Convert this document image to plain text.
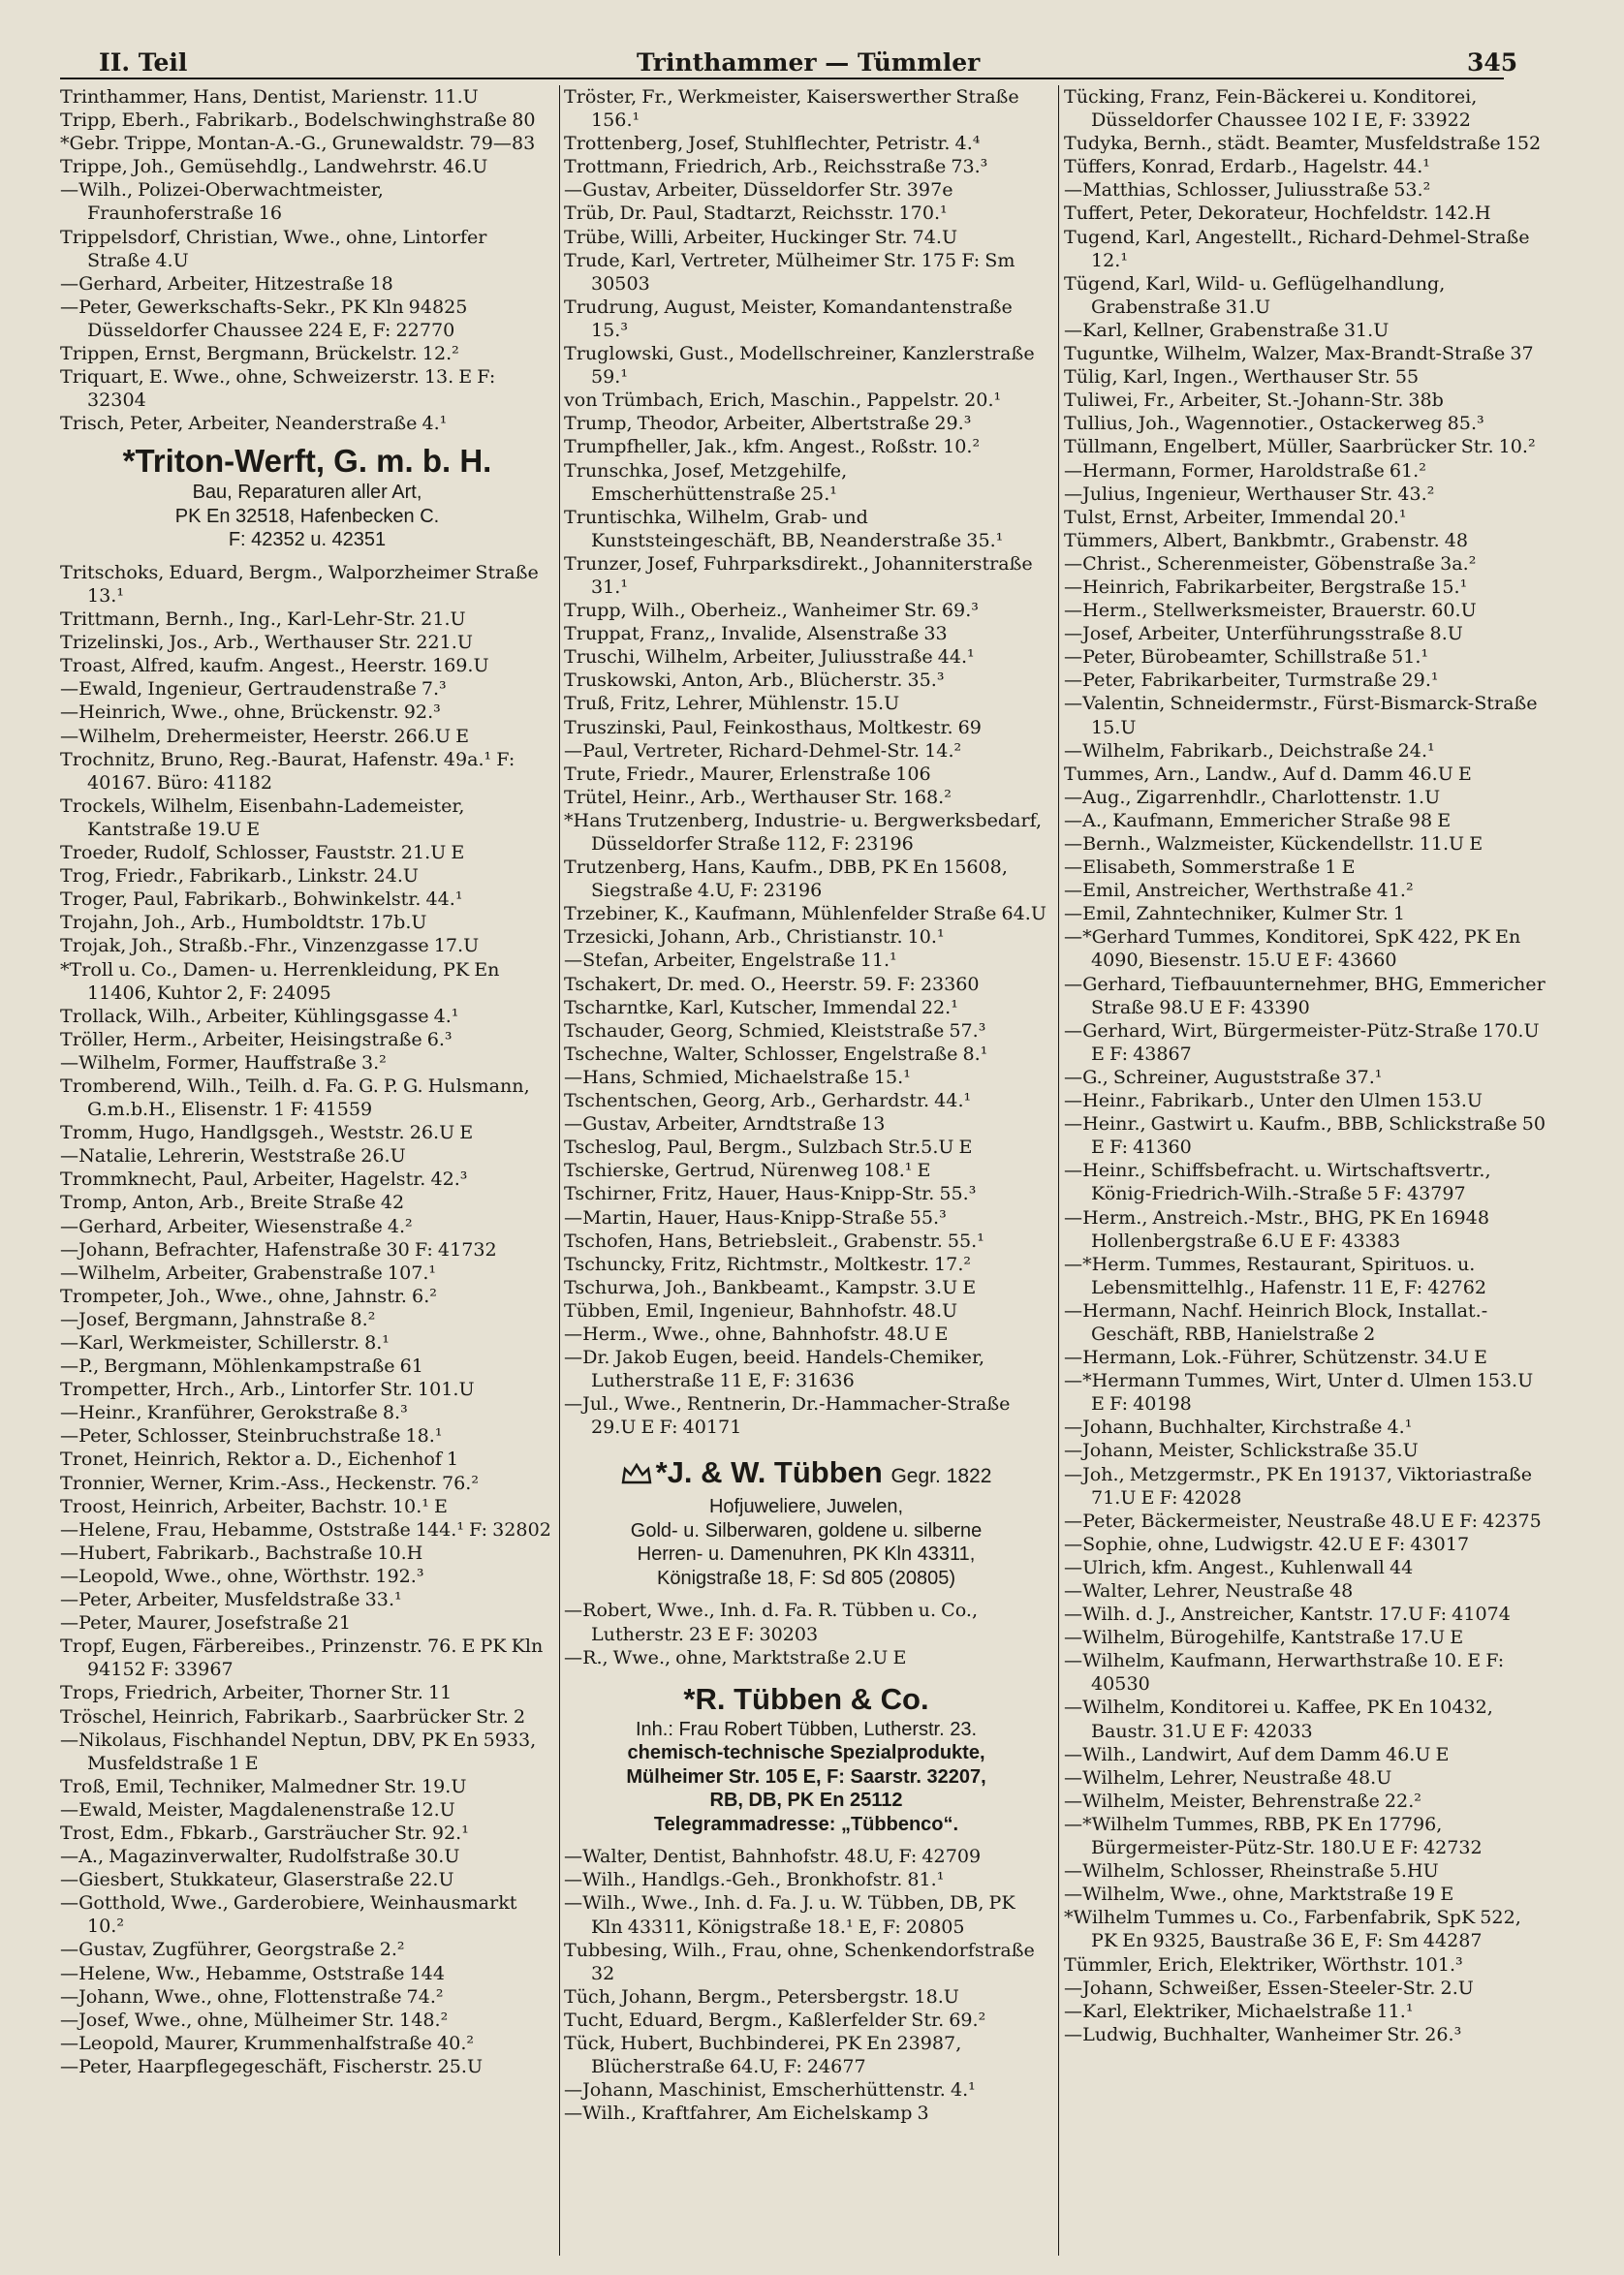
II. Teil	Trinthammer — Tümmler	345
Trinthammer, Hans, Dentist, Marienstr. 11.U
Tripp, Eberh., Fabrikarb., Bodelschwinghstraße 80
*Gebr. Trippe, Montan-A.-G., Grunewaldstr. 79—83
Trippe, Joh., Gemüsehdlg., Landwehrstr. 46.U
—Wilh., Polizei-Oberwachtmeister, Fraunhoferstraße 16
Trippelsdorf, Christian, Wwe., ohne, Lintorfer Straße 4.U
—Gerhard, Arbeiter, Hitzestraße 18
—Peter, Gewerkschafts-Sekr., PK Kln 94825 Düsseldorfer Chaussee 224 E, F: 22770
Trippen, Ernst, Bergmann, Brückelstr. 12.²
Triquart, E. Wwe., ohne, Schweizerstr. 13. E F: 32304
Trisch, Peter, Arbeiter, Neanderstraße 4.¹
*Triton-Werft, G. m. b. H.
Bau, Reparaturen aller Art,
PK En 32518, Hafenbecken C.
F: 42352 u. 42351
Tritschoks, Eduard, Bergm., Walporzheimer Straße 13.¹
Trittmann, Bernh., Ing., Karl-Lehr-Str. 21.U
Trizelinski, Jos., Arb., Werthauser Str. 221.U
Troast, Alfred, kaufm. Angest., Heerstr. 169.U
—Ewald, Ingenieur, Gertraudenstraße 7.³
—Heinrich, Wwe., ohne, Brückenstr. 92.³
—Wilhelm, Drehermeister, Heerstr. 266.U E
Trochnitz, Bruno, Reg.-Baurat, Hafenstr. 49a.¹ F: 40167. Büro: 41182
Trockels, Wilhelm, Eisenbahn-Lademeister, Kantstraße 19.U E
Troeder, Rudolf, Schlosser, Fauststr. 21.U E
Trog, Friedr., Fabrikarb., Linkstr. 24.U
Troger, Paul, Fabrikarb., Bohwinkelstr. 44.¹
Trojahn, Joh., Arb., Humboldtstr. 17b.U
Trojak, Joh., Straßb.-Fhr., Vinzenzgasse 17.U
*Troll u. Co., Damen- u. Herrenkleidung, PK En 11406, Kuhtor 2, F: 24095
Trollack, Wilh., Arbeiter, Kühlingsgasse 4.¹
Tröller, Herm., Arbeiter, Heisingstraße 6.³
—Wilhelm, Former, Hauffstraße 3.²
Tromberend, Wilh., Teilh. d. Fa. G. P. G. Hulsmann, G.m.b.H., Elisenstr. 1 F: 41559
Tromm, Hugo, Handlgsgeh., Weststr. 26.U E
—Natalie, Lehrerin, Weststraße 26.U
Trommknecht, Paul, Arbeiter, Hagelstr. 42.³
Tromp, Anton, Arb., Breite Straße 42
—Gerhard, Arbeiter, Wiesenstraße 4.²
—Johann, Befrachter, Hafenstraße 30 F: 41732
—Wilhelm, Arbeiter, Grabenstraße 107.¹
Trompeter, Joh., Wwe., ohne, Jahnstr. 6.²
—Josef, Bergmann, Jahnstraße 8.²
—Karl, Werkmeister, Schillerstr. 8.¹
—P., Bergmann, Möhlenkampstraße 61
Trompetter, Hrch., Arb., Lintorfer Str. 101.U
—Heinr., Kranführer, Gerokstraße 8.³
—Peter, Schlosser, Steinbruchstraße 18.¹
Tronet, Heinrich, Rektor a. D., Eichenhof 1
Tronnier, Werner, Krim.-Ass., Heckenstr. 76.²
Troost, Heinrich, Arbeiter, Bachstr. 10.¹ E
—Helene, Frau, Hebamme, Oststraße 144.¹ F: 32802
—Hubert, Fabrikarb., Bachstraße 10.H
—Leopold, Wwe., ohne, Wörthstr. 192.³
—Peter, Arbeiter, Musfeldstraße 33.¹
—Peter, Maurer, Josefstraße 21
Tropf, Eugen, Färbereibes., Prinzenstr. 76. E PK Kln 94152 F: 33967
Trops, Friedrich, Arbeiter, Thorner Str. 11
Tröschel, Heinrich, Fabrikarb., Saarbrücker Str. 2
—Nikolaus, Fischhandel Neptun, DBV, PK En 5933, Musfeldstraße 1 E
Troß, Emil, Techniker, Malmedner Str. 19.U
—Ewald, Meister, Magdalenenstraße 12.U
Trost, Edm., Fbkarb., Garsträucher Str. 92.¹
—A., Magazinverwalter, Rudolfstraße 30.U
—Giesbert, Stukkateur, Glaserstraße 22.U
—Gotthold, Wwe., Garderobiere, Weinhausmarkt 10.²
—Gustav, Zugführer, Georgstraße 2.²
—Helene, Ww., Hebamme, Oststraße 144
—Johann, Wwe., ohne, Flottenstraße 74.²
—Josef, Wwe., ohne, Mülheimer Str. 148.²
—Leopold, Maurer, Krummenhalfstraße 40.²
—Peter, Haarpflegegeschäft, Fischerstr. 25.U
Tröster, Fr., Werkmeister, Kaiserswerther Straße 156.¹
Trottenberg, Josef, Stuhlflechter, Petristr. 4.⁴
Trottmann, Friedrich, Arb., Reichsstraße 73.³
—Gustav, Arbeiter, Düsseldorfer Str. 397e
Trüb, Dr. Paul, Stadtarzt, Reichsstr. 170.¹
Trübe, Willi, Arbeiter, Huckinger Str. 74.U
Trude, Karl, Vertreter, Mülheimer Str. 175 F: Sm 30503
Trudrung, August, Meister, Komandantenstraße 15.³
Truglowski, Gust., Modellschreiner, Kanzlerstraße 59.¹
von Trümbach, Erich, Maschin., Pappelstr. 20.¹
Trump, Theodor, Arbeiter, Albertstraße 29.³
Trumpfheller, Jak., kfm. Angest., Roßstr. 10.²
Trunschka, Josef, Metzgehilfe, Emscherhüttenstraße 25.¹
Truntischka, Wilhelm, Grab- und Kunststeingeschäft, BB, Neanderstraße 35.¹
Trunzer, Josef, Fuhrparksdirekt., Johanniterstraße 31.¹
Trupp, Wilh., Oberheiz., Wanheimer Str. 69.³
Truppat, Franz,, Invalide, Alsenstraße 33
Truschi, Wilhelm, Arbeiter, Juliusstraße 44.¹
Truskowski, Anton, Arb., Blücherstr. 35.³
Truß, Fritz, Lehrer, Mühlenstr. 15.U
Truszinski, Paul, Feinkosthaus, Moltkestr. 69
—Paul, Vertreter, Richard-Dehmel-Str. 14.²
Trute, Friedr., Maurer, Erlenstraße 106
Trütel, Heinr., Arb., Werthauser Str. 168.²
*Hans Trutzenberg, Industrie- u. Bergwerksbedarf, Düsseldorfer Straße 112, F: 23196
Trutzenberg, Hans, Kaufm., DBB, PK En 15608, Siegstraße 4.U, F: 23196
Trzebiner, K., Kaufmann, Mühlenfelder Straße 64.U
Trzesicki, Johann, Arb., Christianstr. 10.¹
—Stefan, Arbeiter, Engelstraße 11.¹
Tschakert, Dr. med. O., Heerstr. 59. F: 23360
Tscharntke, Karl, Kutscher, Immendal 22.¹
Tschauder, Georg, Schmied, Kleiststraße 57.³
Tschechne, Walter, Schlosser, Engelstraße 8.¹
—Hans, Schmied, Michaelstraße 15.¹
Tschentschen, Georg, Arb., Gerhardstr. 44.¹
—Gustav, Arbeiter, Arndtstraße 13
Tscheslog, Paul, Bergm., Sulzbach Str.5.U E
Tschierske, Gertrud, Nürenweg 108.¹ E
Tschirner, Fritz, Hauer, Haus-Knipp-Str. 55.³
—Martin, Hauer, Haus-Knipp-Straße 55.³
Tschofen, Hans, Betriebsleit., Grabenstr. 55.¹
Tschuncky, Fritz, Richtmstr., Moltkestr. 17.²
Tschurwa, Joh., Bankbeamt., Kampstr. 3.U E
Tübben, Emil, Ingenieur, Bahnhofstr. 48.U
—Herm., Wwe., ohne, Bahnhofstr. 48.U E
—Dr. Jakob Eugen, beeid. Handels-Chemiker, Lutherstraße 11 E, F: 31636
—Jul., Wwe., Rentnerin, Dr.-Hammacher-Straße 29.U E F: 40171
*J. & W. Tübben Gegr. 1822
Hofjuweliere, Juwelen,
Gold- u. Silberwaren, goldene u. silberne
Herren- u. Damenuhren, PK Kln 43311,
Königstraße 18, F: Sd 805 (20805)
—Robert, Wwe., Inh. d. Fa. R. Tübben u. Co., Lutherstr. 23 E F: 30203
—R., Wwe., ohne, Marktstraße 2.U E
*R. Tübben & Co.
Inh.: Frau Robert Tübben, Lutherstr. 23.
chemisch-technische Spezialprodukte,
Mülheimer Str. 105 E, F: Saarstr. 32207,
RB, DB, PK En 25112
Telegrammadresse: „Tübbenco“.
—Walter, Dentist, Bahnhofstr. 48.U, F: 42709
—Wilh., Handlgs.-Geh., Bronkhofstr. 81.¹
—Wilh., Wwe., Inh. d. Fa. J. u. W. Tübben, DB, PK Kln 43311, Königstraße 18.¹ E, F: 20805
Tubbesing, Wilh., Frau, ohne, Schenkendorfstraße 32
Tüch, Johann, Bergm., Petersbergstr. 18.U
Tucht, Eduard, Bergm., Kaßlerfelder Str. 69.²
Tück, Hubert, Buchbinderei, PK En 23987, Blücherstraße 64.U, F: 24677
—Johann, Maschinist, Emscherhüttenstr. 4.¹
—Wilh., Kraftfahrer, Am Eichelskamp 3
Tücking, Franz, Fein-Bäckerei u. Konditorei, Düsseldorfer Chaussee 102 I E, F: 33922
Tudyka, Bernh., städt. Beamter, Musfeldstraße 152
Tüffers, Konrad, Erdarb., Hagelstr. 44.¹
—Matthias, Schlosser, Juliusstraße 53.²
Tuffert, Peter, Dekorateur, Hochfeldstr. 142.H
Tugend, Karl, Angestellt., Richard-Dehmel-Straße 12.¹
Tügend, Karl, Wild- u. Geflügelhandlung, Grabenstraße 31.U
—Karl, Kellner, Grabenstraße 31.U
Tuguntke, Wilhelm, Walzer, Max-Brandt-Straße 37
Tülig, Karl, Ingen., Werthauser Str. 55
Tuliwei, Fr., Arbeiter, St.-Johann-Str. 38b
Tullius, Joh., Wagennotier., Ostackerweg 85.³
Tüllmann, Engelbert, Müller, Saarbrücker Str. 10.²
—Hermann, Former, Haroldstraße 61.²
—Julius, Ingenieur, Werthauser Str. 43.²
Tulst, Ernst, Arbeiter, Immendal 20.¹
Tümmers, Albert, Bankbmtr., Grabenstr. 48
—Christ., Scherenmeister, Göbenstraße 3a.²
—Heinrich, Fabrikarbeiter, Bergstraße 15.¹
—Herm., Stellwerksmeister, Brauerstr. 60.U
—Josef, Arbeiter, Unterführungsstraße 8.U
—Peter, Bürobeamter, Schillstraße 51.¹
—Peter, Fabrikarbeiter, Turmstraße 29.¹
—Valentin, Schneidermstr., Fürst-Bismarck-Straße 15.U
—Wilhelm, Fabrikarb., Deichstraße 24.¹
Tummes, Arn., Landw., Auf d. Damm 46.U E
—Aug., Zigarrenhdlr., Charlottenstr. 1.U
—A., Kaufmann, Emmericher Straße 98 E
—Bernh., Walzmeister, Kückendellstr. 11.U E
—Elisabeth, Sommerstraße 1 E
—Emil, Anstreicher, Werthstraße 41.²
—Emil, Zahntechniker, Kulmer Str. 1
—*Gerhard Tummes, Konditorei, SpK 422, PK En 4090, Biesenstr. 15.U E F: 43660
—Gerhard, Tiefbauunternehmer, BHG, Emmericher Straße 98.U E F: 43390
—Gerhard, Wirt, Bürgermeister-Pütz-Straße 170.U E F: 43867
—G., Schreiner, Auguststraße 37.¹
—Heinr., Fabrikarb., Unter den Ulmen 153.U
—Heinr., Gastwirt u. Kaufm., BBB, Schlickstraße 50 E F: 41360
—Heinr., Schiffsbefracht. u. Wirtschaftsvertr., König-Friedrich-Wilh.-Straße 5 F: 43797
—Herm., Anstreich.-Mstr., BHG, PK En 16948 Hollenbergstraße 6.U E F: 43383
—*Herm. Tummes, Restaurant, Spirituos. u. Lebensmittelhlg., Hafenstr. 11 E, F: 42762
—Hermann, Nachf. Heinrich Block, Installat.-Geschäft, RBB, Hanielstraße 2
—Hermann, Lok.-Führer, Schützenstr. 34.U E
—*Hermann Tummes, Wirt, Unter d. Ulmen 153.U E F: 40198
—Johann, Buchhalter, Kirchstraße 4.¹
—Johann, Meister, Schlickstraße 35.U
—Joh., Metzgermstr., PK En 19137, Viktoriastraße 71.U E F: 42028
—Peter, Bäckermeister, Neustraße 48.U E F: 42375
—Sophie, ohne, Ludwigstr. 42.U E F: 43017
—Ulrich, kfm. Angest., Kuhlenwall 44
—Walter, Lehrer, Neustraße 48
—Wilh. d. J., Anstreicher, Kantstr. 17.U F: 41074
—Wilhelm, Bürogehilfe, Kantstraße 17.U E
—Wilhelm, Kaufmann, Herwarthstraße 10. E F: 40530
—Wilhelm, Konditorei u. Kaffee, PK En 10432, Baustr. 31.U E F: 42033
—Wilh., Landwirt, Auf dem Damm 46.U E
—Wilhelm, Lehrer, Neustraße 48.U
—Wilhelm, Meister, Behrenstraße 22.²
—*Wilhelm Tummes, RBB, PK En 17796, Bürgermeister-Pütz-Str. 180.U E F: 42732
—Wilhelm, Schlosser, Rheinstraße 5.HU
—Wilhelm, Wwe., ohne, Marktstraße 19 E
*Wilhelm Tummes u. Co., Farbenfabrik, SpK 522, PK En 9325, Baustraße 36 E, F: Sm 44287
Tümmler, Erich, Elektriker, Wörthstr. 101.³
—Johann, Schweißer, Essen-Steeler-Str. 2.U
—Karl, Elektriker, Michaelstraße 11.¹
—Ludwig, Buchhalter, Wanheimer Str. 26.³
